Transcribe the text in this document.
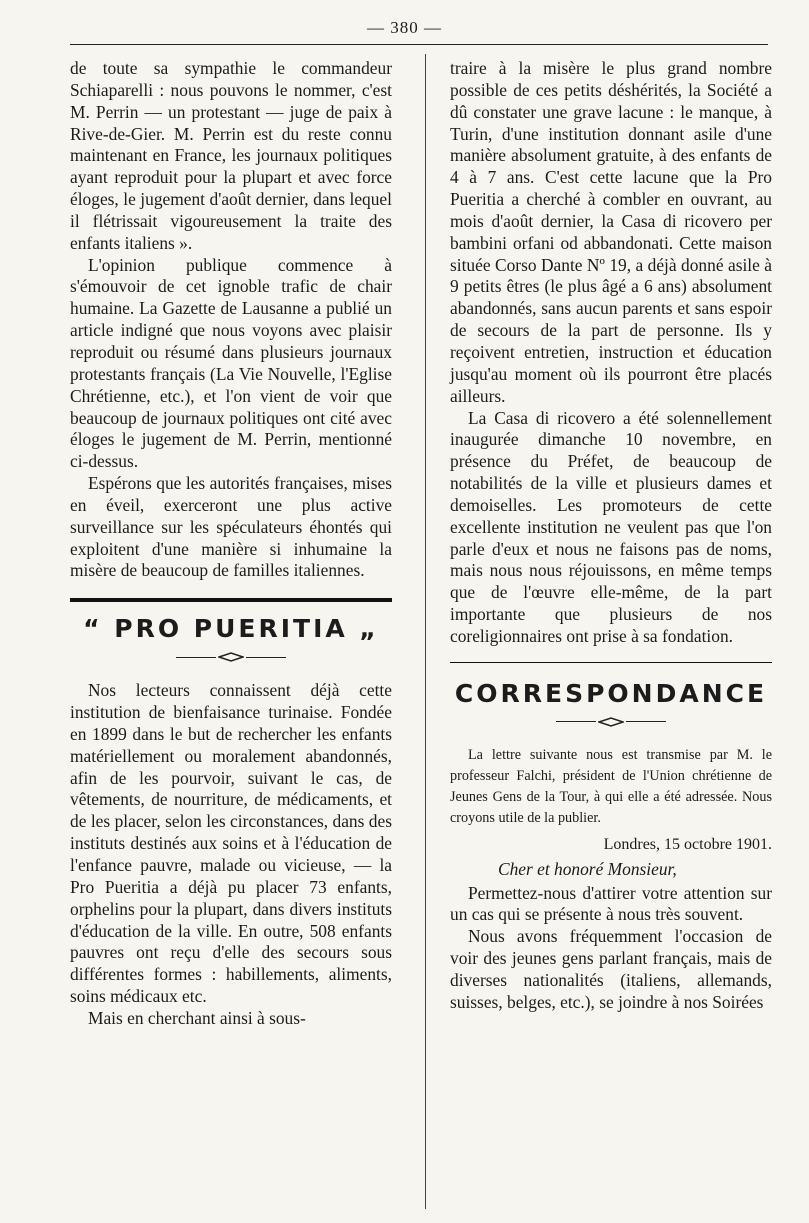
— 380 —

de toute sa sympathie le commandeur Schiaparelli : nous pouvons le nommer, c'est M. Perrin — un protestant — juge de paix à Rive-de-Gier. M. Perrin est du reste connu maintenant en France, les journaux politiques ayant reproduit pour la plupart et avec force éloges, le jugement d'août dernier, dans lequel il flétrissait vigoureusement la traite des enfants italiens ».

L'opinion publique commence à s'émouvoir de cet ignoble trafic de chair humaine. La Gazette de Lausanne a publié un article indigné que nous voyons avec plaisir reproduit ou résumé dans plusieurs journaux protestants français (La Vie Nouvelle, l'Eglise Chrétienne, etc.), et l'on vient de voir que beaucoup de journaux politiques ont cité avec éloges le jugement de M. Perrin, mentionné ci-dessus.

Espérons que les autorités françaises, mises en éveil, exerceront une plus active surveillance sur les spéculateurs éhontés qui exploitent d'une manière si inhumaine la misère de beaucoup de familles italiennes.

“ PRO PUERITIA „

Nos lecteurs connaissent déjà cette institution de bienfaisance turinaise. Fondée en 1899 dans le but de rechercher les enfants matériellement ou moralement abandonnés, afin de les pourvoir, suivant le cas, de vêtements, de nourriture, de médicaments, et de les placer, selon les circonstances, dans des instituts destinés aux soins et à l'éducation de l'enfance pauvre, malade ou vicieuse, — la Pro Pueritia a déjà pu placer 73 enfants, orphelins pour la plupart, dans divers instituts d'éducation de la ville. En outre, 508 enfants pauvres ont reçu d'elle des secours sous différentes formes : habillements, aliments, soins médicaux etc.

Mais en cherchant ainsi à sous-

traire à la misère le plus grand nombre possible de ces petits déshérités, la Société a dû constater une grave lacune : le manque, à Turin, d'une institution donnant asile d'une manière absolument gratuite, à des enfants de 4 à 7 ans. C'est cette lacune que la Pro Pueritia a cherché à combler en ouvrant, au mois d'août dernier, la Casa di ricovero per bambini orfani od abbandonati. Cette maison située Corso Dante Nº 19, a déjà donné asile à 9 petits êtres (le plus âgé a 6 ans) absolument abandonnés, sans aucun parents et sans espoir de secours de la part de personne. Ils y reçoivent entretien, instruction et éducation jusqu'au moment où ils pourront être placés ailleurs.

La Casa di ricovero a été solennellement inaugurée dimanche 10 novembre, en présence du Préfet, de beaucoup de notabilités de la ville et plusieurs dames et demoiselles. Les promoteurs de cette excellente institution ne veulent pas que l'on parle d'eux et nous ne faisons pas de noms, mais nous nous réjouissons, en même temps que de l'œuvre elle-même, de la part importante que plusieurs de nos coreligionnaires ont prise à sa fondation.

CORRESPONDANCE

La lettre suivante nous est transmise par M. le professeur Falchi, président de l'Union chrétienne de Jeunes Gens de la Tour, à qui elle a été adressée. Nous croyons utile de la publier.

Londres, 15 octobre 1901.

Cher et honoré Monsieur,

Permettez-nous d'attirer votre attention sur un cas qui se présente à nous très souvent.

Nous avons fréquemment l'occasion de voir des jeunes gens parlant français, mais de diverses nationalités (italiens, allemands, suisses, belges, etc.), se joindre à nos Soirées
